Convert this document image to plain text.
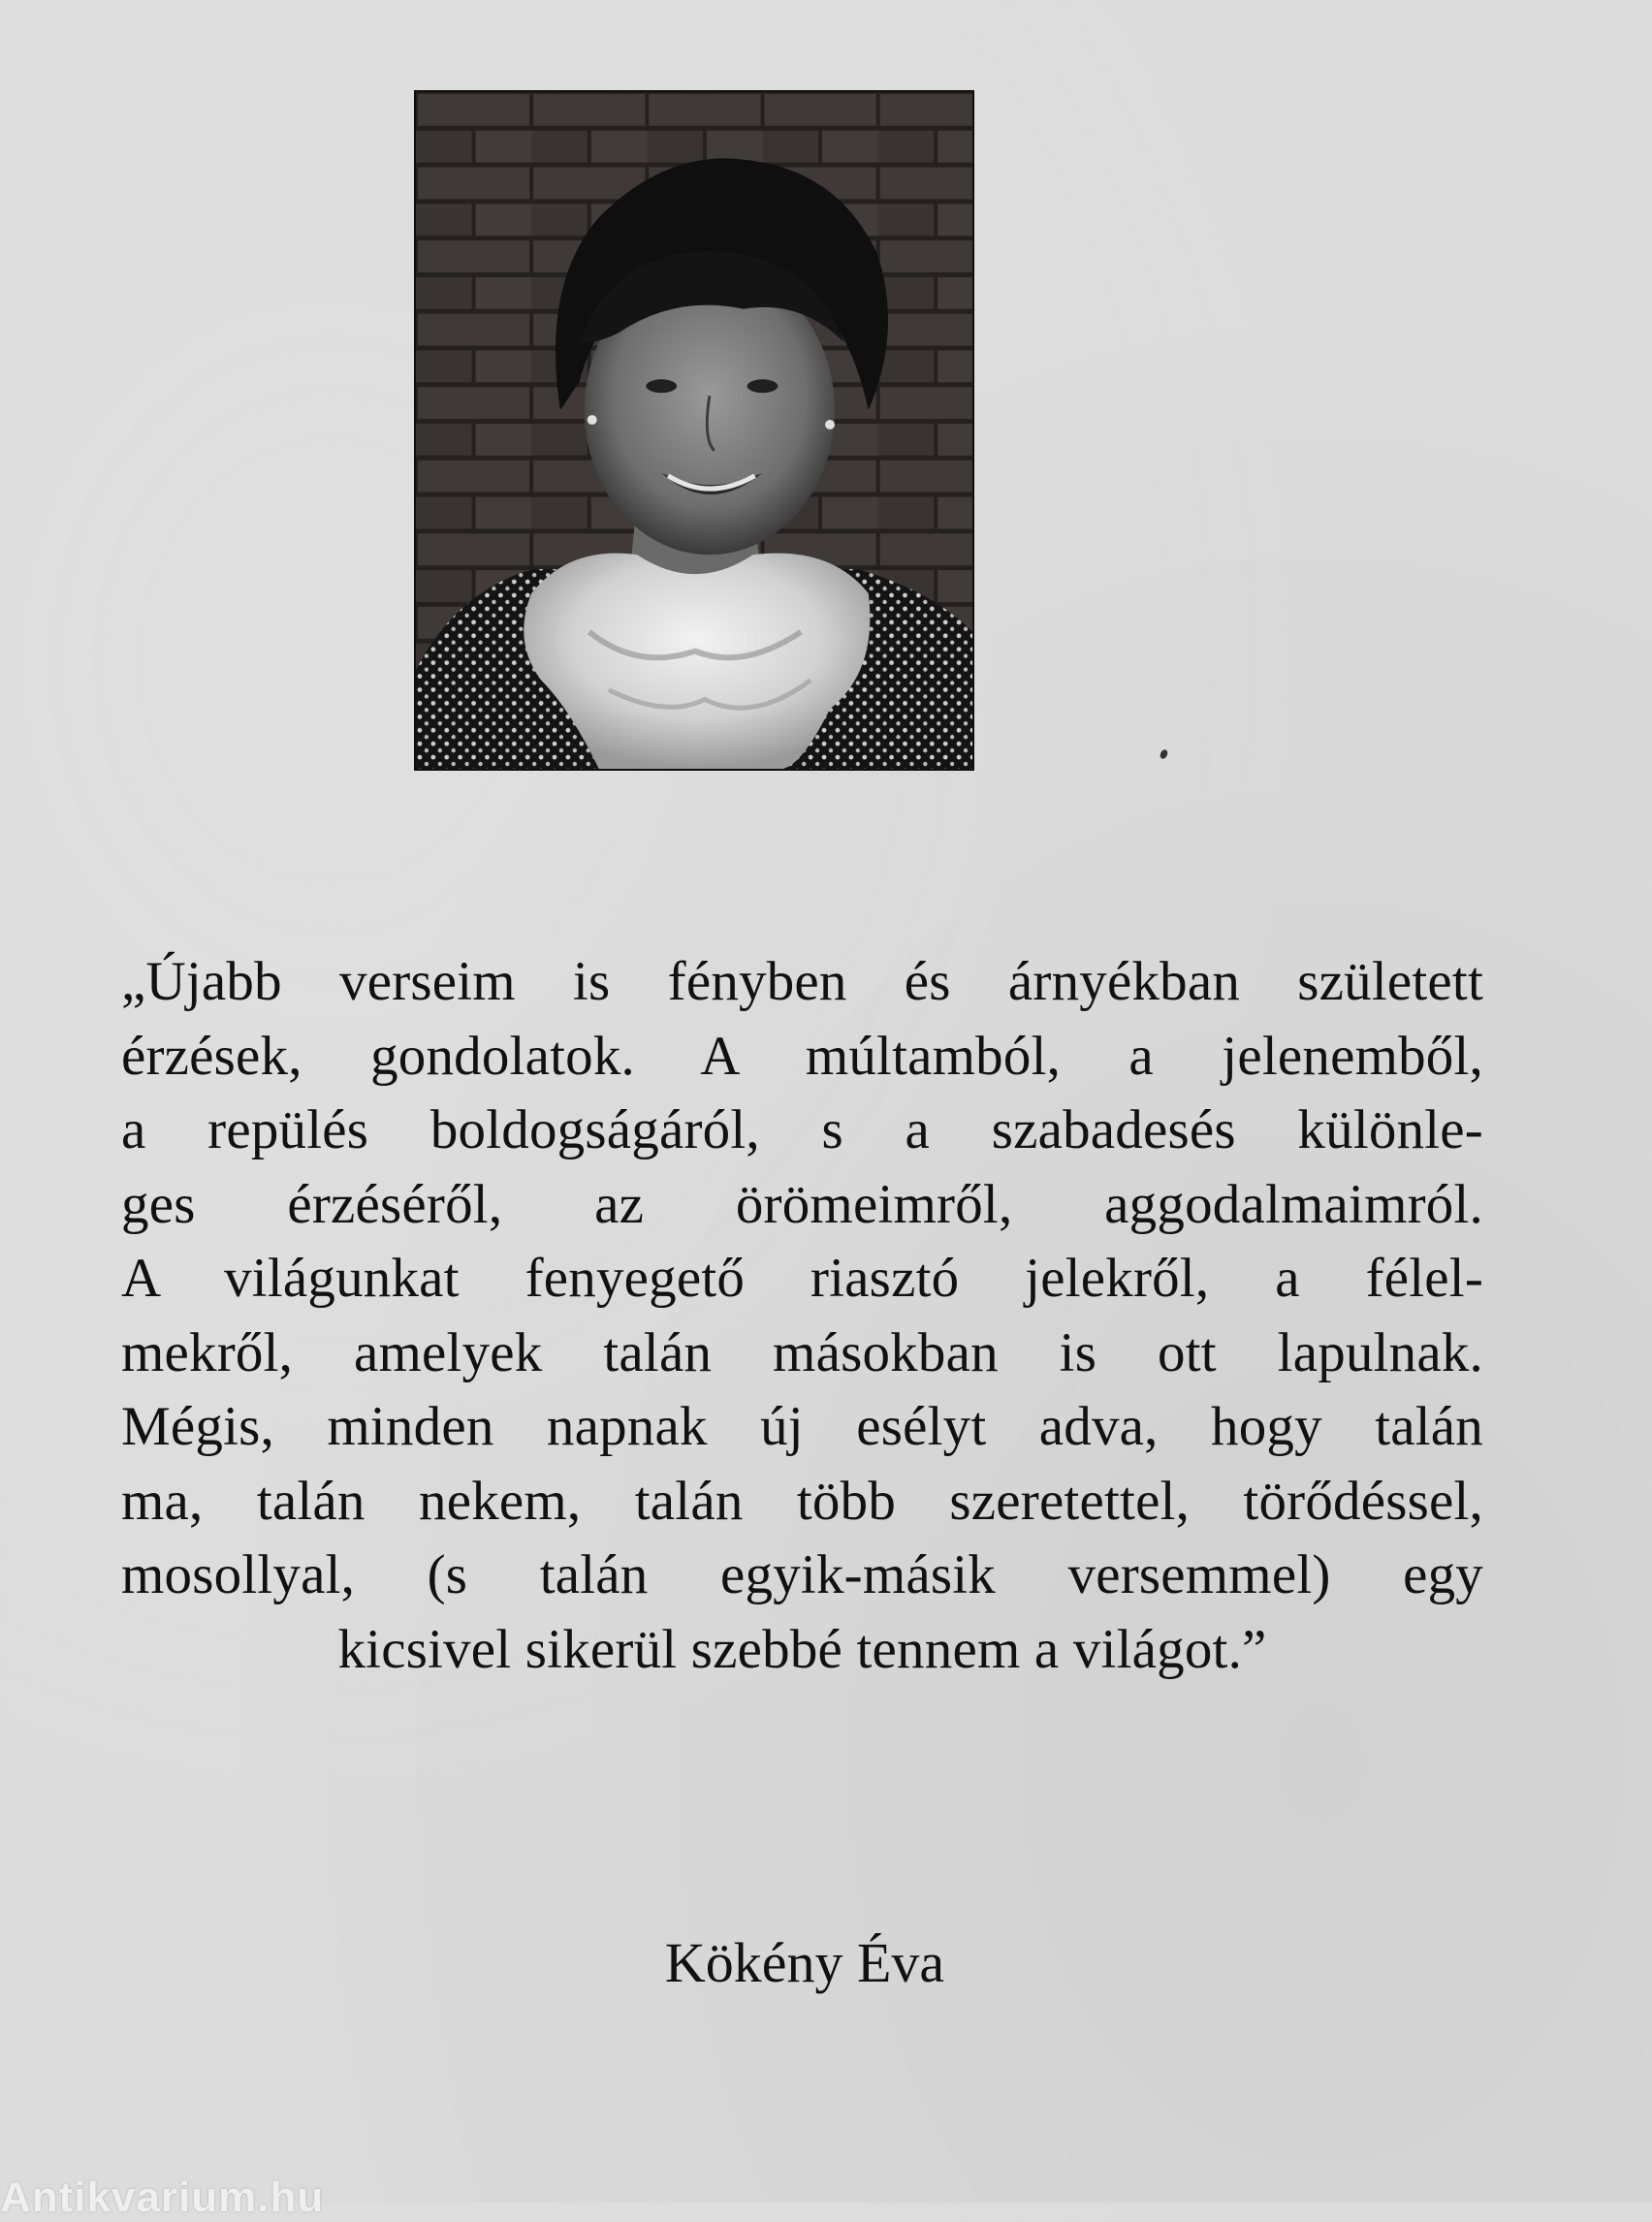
„Újabb verseim is fényben és árnyékban született
érzések, gondolatok. A múltamból, a jelenemből,
a repülés boldogságáról, s a szabadesés különle-
ges érzéséről, az örömeimről, aggodalmaimról.
A világunkat fenyegető riasztó jelekről, a félel-
mekről, amelyek talán másokban is ott lapulnak.
Mégis, minden napnak új esélyt adva, hogy talán
ma, talán nekem, talán több szeretettel, törődéssel,
mosollyal, (s talán egyik-másik versemmel) egy
kicsivel sikerül szebbé tennem a világot.”
Kökény Éva
Antikvarium.hu
